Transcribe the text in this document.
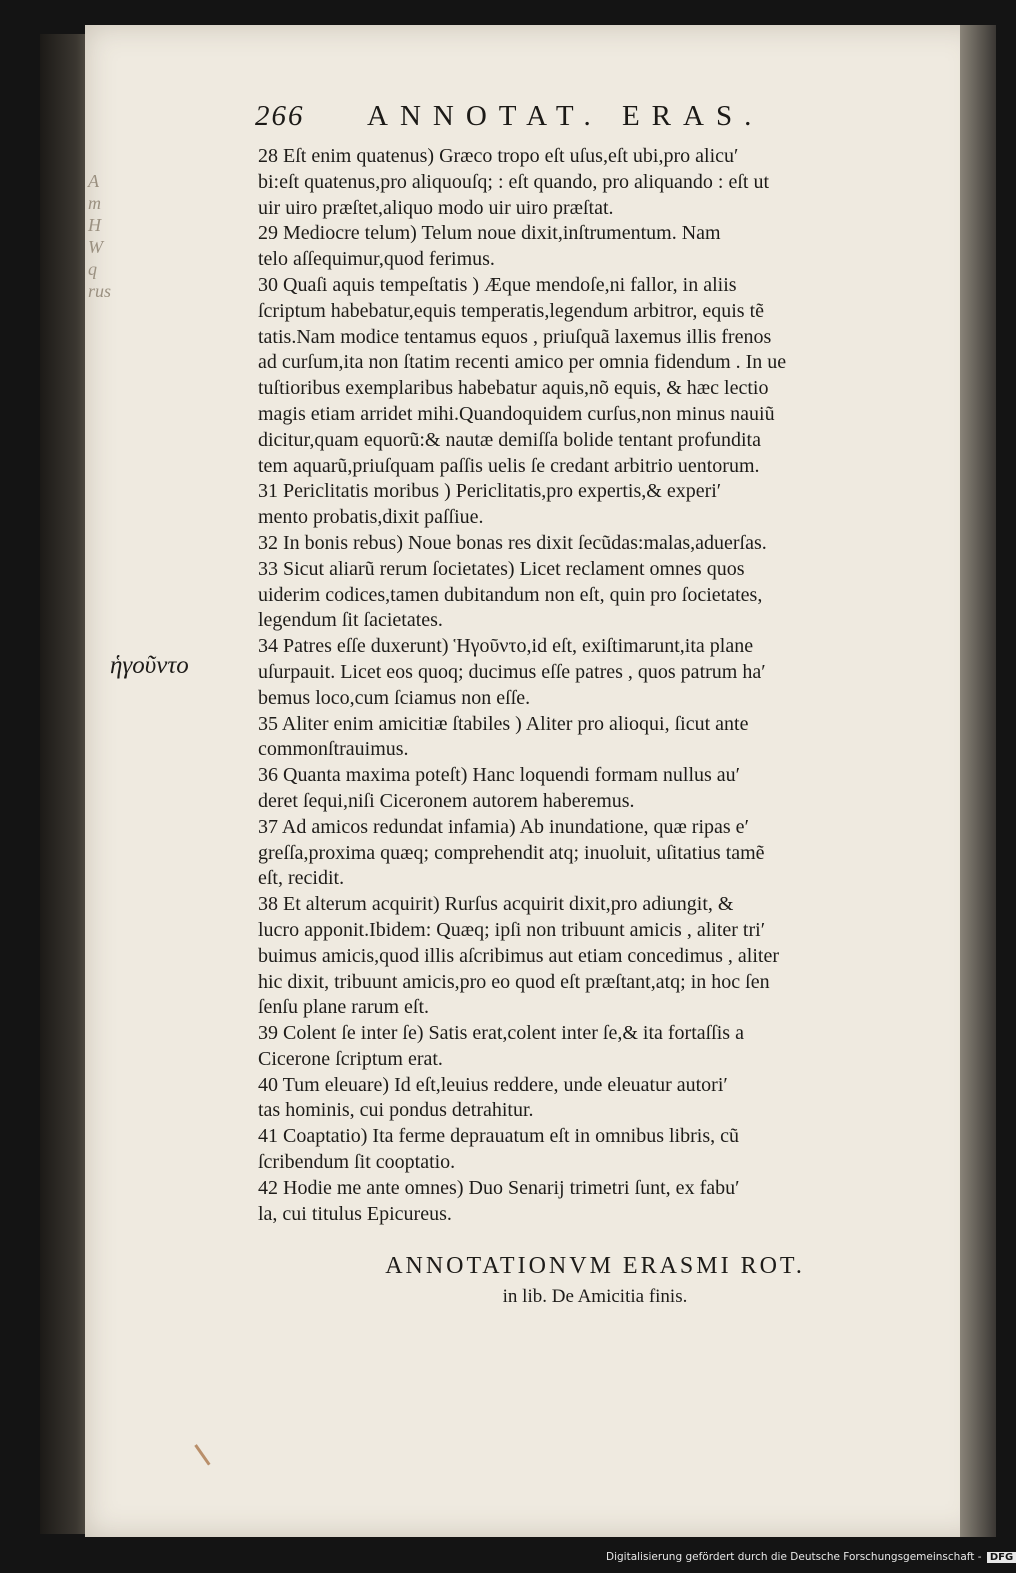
A
m
H
W
q
rus
266 ANNOTAT. ERAS.
ἡγοῦντο
28 Eſt enim quatenus) Græco tropo eſt uſus,eſt ubi,pro alicu′
bi:eſt quatenus,pro aliquouſq; : eſt quando, pro aliquando : eſt ut
uir uiro præſtet,aliquo modo uir uiro præſtat.
29 Mediocre telum) Telum noue dixit,inſtrumentum. Nam
telo aſſequimur,quod ferimus.
30 Quaſi aquis tempeſtatis ) Æque mendoſe,ni fallor, in aliis
ſcriptum habebatur,equis temperatis,legendum arbitror, equis tẽ
tatis.Nam modice tentamus equos , priuſquã laxemus illis frenos
ad curſum,ita non ſtatim recenti amico per omnia fidendum . In ue
tuſtioribus exemplaribus habebatur aquis,nõ equis, & hæc lectio
magis etiam arridet mihi.Quandoquidem curſus,non minus nauiũ
dicitur,quam equorũ:& nautæ demiſſa bolide tentant profundita
tem aquarũ,priuſquam paſſis uelis ſe credant arbitrio uentorum.
31 Periclitatis moribus ) Periclitatis,pro expertis,& experi′
mento probatis,dixit paſſiue.
32 In bonis rebus) Noue bonas res dixit ſecũdas:malas,aduerſas.
33 Sicut aliarũ rerum ſocietates) Licet reclament omnes quos
uiderim codices,tamen dubitandum non eſt, quin pro ſocietates,
legendum ſit ſacietates.
34 Patres eſſe duxerunt) Ἡγοῦντο,id eſt, exiſtimarunt,ita plane
uſurpauit. Licet eos quoq; ducimus eſſe patres , quos patrum ha′
bemus loco,cum ſciamus non eſſe.
35 Aliter enim amicitiæ ſtabiles ) Aliter pro alioqui, ſicut ante
commonſtrauimus.
36 Quanta maxima poteſt) Hanc loquendi formam nullus au′
deret ſequi,niſi Ciceronem autorem haberemus.
37 Ad amicos redundat infamia) Ab inundatione, quæ ripas e′
greſſa,proxima quæq; comprehendit atq; inuoluit, uſitatius tamẽ
eſt, recidit.
38 Et alterum acquirit) Rurſus acquirit dixit,pro adiungit, &
lucro apponit.Ibidem: Quæq; ipſi non tribuunt amicis , aliter tri′
buimus amicis,quod illis aſcribimus aut etiam concedimus , aliter
hic dixit, tribuunt amicis,pro eo quod eſt præſtant,atq; in hoc ſen
ſenſu plane rarum eſt.
39 Colent ſe inter ſe) Satis erat,colent inter ſe,& ita fortaſſis a
Cicerone ſcriptum erat.
40 Tum eleuare) Id eſt,leuius reddere, unde eleuatur autori′
tas hominis, cui pondus detrahitur.
41 Coaptatio) Ita ferme deprauatum eſt in omnibus libris, cũ
ſcribendum ſit cooptatio.
42 Hodie me ante omnes) Duo Senarij trimetri ſunt, ex fabu′
la, cui titulus Epicureus.
ANNOTATIONVM ERASMI ROT.
in lib. De Amicitia finis.
Digitalisierung gefördert durch die Deutsche Forschungsgemeinschaft - DFG
